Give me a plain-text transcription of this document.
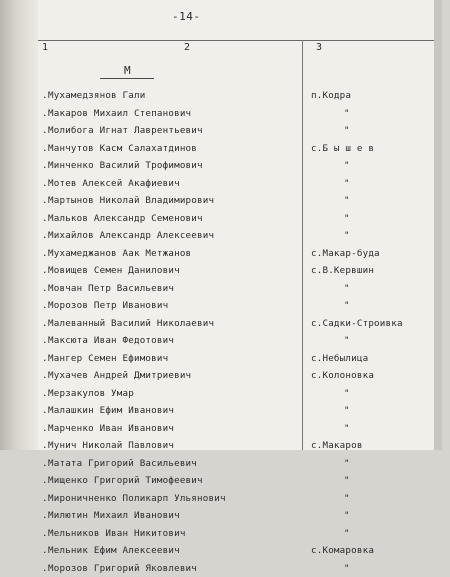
-14-
1	2	3
М
. Мухамедзянов Гали	п.Кодра
. Макаров Михаил Степанович	"
. Молибога Игнат Лаврентьевич	"
. Манчутов Касм Салахатдинов	с.Б ы ш е в
. Минченко Василий Трофимович	"
. Мотев Алексей Акафиевич	"
. Мартынов Николай Владимирович	"
. Мальков Александр Семенович	"
. Михайлов Александр Алексеевич	"
. Мухамеджанов Аак Метжанов	с.Макар-буда
. Мовищев Семен Данилович	с.В.Кервшин
. Мовчан Петр Васильевич	"
. Морозов Петр Иванович	"
. Малеванный Василий Николаевич	с.Садки-Строивка
. Максюта Иван Федотович	"
. Мангер Семен Ефимович	с.Небылица
. Мухачев Андрей Дмитриевич	с.Колоновка
. Мерзакулов Умар	"
. Малашкин Ефим Иванович	"
. Марченко Иван Иванович	"
. Мунич Николай Павлович	с.Макаров
. Матата Григорий Васильевич	"
. Мищенко Григорий Тимофеевич	"
. Мироничненко Поликарп Ульянович	"
. Милютин Михаил Иванович	"
. Мельников Иван Никитович	"
. Мельник Ефим Алексеевич	с.Комаровка
. Морозов Григорий Яковлевич	"
